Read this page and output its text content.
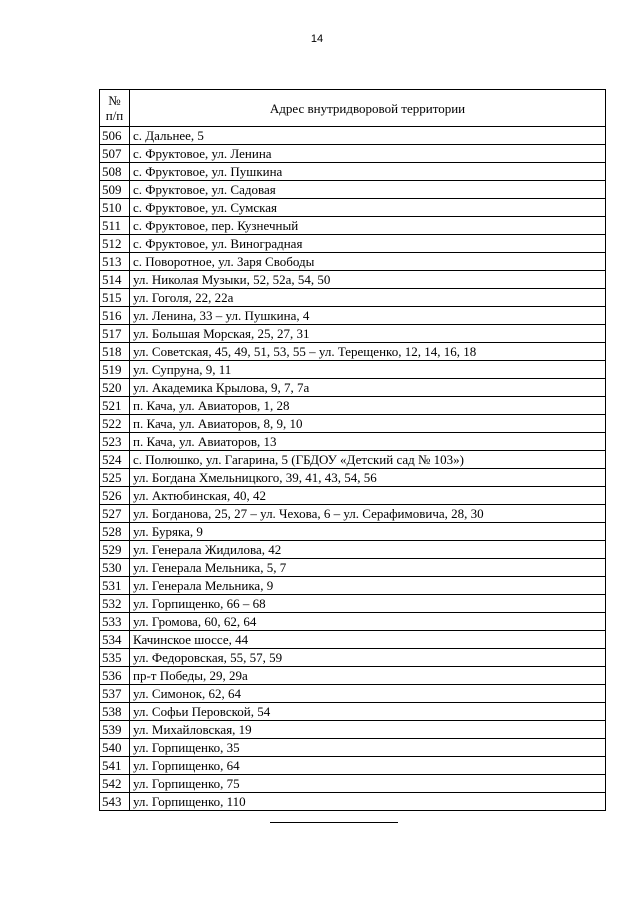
14
№
п/п	Адрес внутридворовой территории
506	с. Дальнее, 5
507	с. Фруктовое, ул. Ленина
508	с. Фруктовое, ул. Пушкина
509	с. Фруктовое, ул. Садовая
510	с. Фруктовое, ул. Сумская
511	с. Фруктовое, пер. Кузнечный
512	с. Фруктовое, ул. Виноградная
513	с. Поворотное, ул. Заря Свободы
514	ул. Николая Музыки, 52, 52а, 54, 50
515	ул. Гоголя, 22, 22а
516	ул. Ленина, 33 – ул. Пушкина, 4
517	ул. Большая Морская, 25, 27, 31
518	ул. Советская, 45, 49, 51, 53, 55 – ул. Терещенко, 12, 14, 16, 18
519	ул. Супруна, 9, 11
520	ул. Академика Крылова, 9, 7, 7а
521	п. Кача, ул. Авиаторов, 1, 28
522	п. Кача, ул. Авиаторов, 8, 9, 10
523	п. Кача, ул. Авиаторов, 13
524	с. Полюшко, ул. Гагарина, 5 (ГБДОУ «Детский сад № 103»)
525	ул. Богдана Хмельницкого, 39, 41, 43, 54, 56
526	ул. Актюбинская, 40, 42
527	ул. Богданова, 25, 27 – ул. Чехова, 6 – ул. Серафимовича, 28, 30
528	ул. Буряка, 9
529	ул. Генерала Жидилова, 42
530	ул. Генерала Мельника, 5, 7
531	ул. Генерала Мельника, 9
532	ул. Горпищенко, 66 – 68
533	ул. Громова, 60, 62, 64
534	Качинское шоссе, 44
535	ул. Федоровская, 55, 57, 59
536	пр-т Победы, 29, 29а
537	ул. Симонок, 62, 64
538	ул. Софьи Перовской, 54
539	ул. Михайловская, 19
540	ул. Горпищенко, 35
541	ул. Горпищенко, 64
542	ул. Горпищенко, 75
543	ул. Горпищенко, 110
